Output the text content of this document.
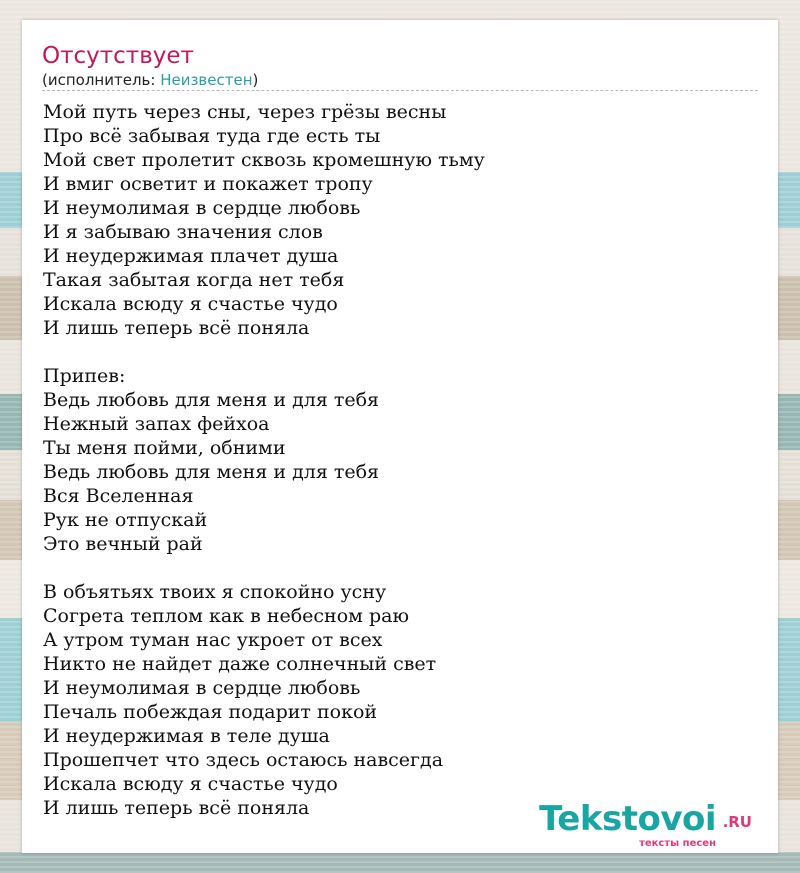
Отсутствует
(исполнитель: Неизвестен)
Мой путь через сны, через грёзы весны
Про всё забывая туда где есть ты
Мой свет пролетит сквозь кромешную тьму
И вмиг осветит и покажет тропу
И неумолимая в сердце любовь
И я забываю значения слов
И неудержимая плачет душа
Такая забытая когда нет тебя
Искала всюду я счастье чудо
И лишь теперь всё поняла
Припев:
Ведь любовь для меня и для тебя
Нежный запах фейхоа
Ты меня пойми, обними
Ведь любовь для меня и для тебя
Вся Вселенная
Рук не отпускай
Это вечный рай
В объятьях твоих я спокойно усну
Согрета теплом как в небесном раю
А утром туман нас укроет от всех
Никто не найдет даже солнечный свет
И неумолимая в сердце любовь
Печаль побеждая подарит покой
И неудержимая в теле душа
Прошепчет что здесь остаюсь навсегда
Искала всюду я счастье чудо
И лишь теперь всё поняла	Tekstovoi .RU
тексты песен
